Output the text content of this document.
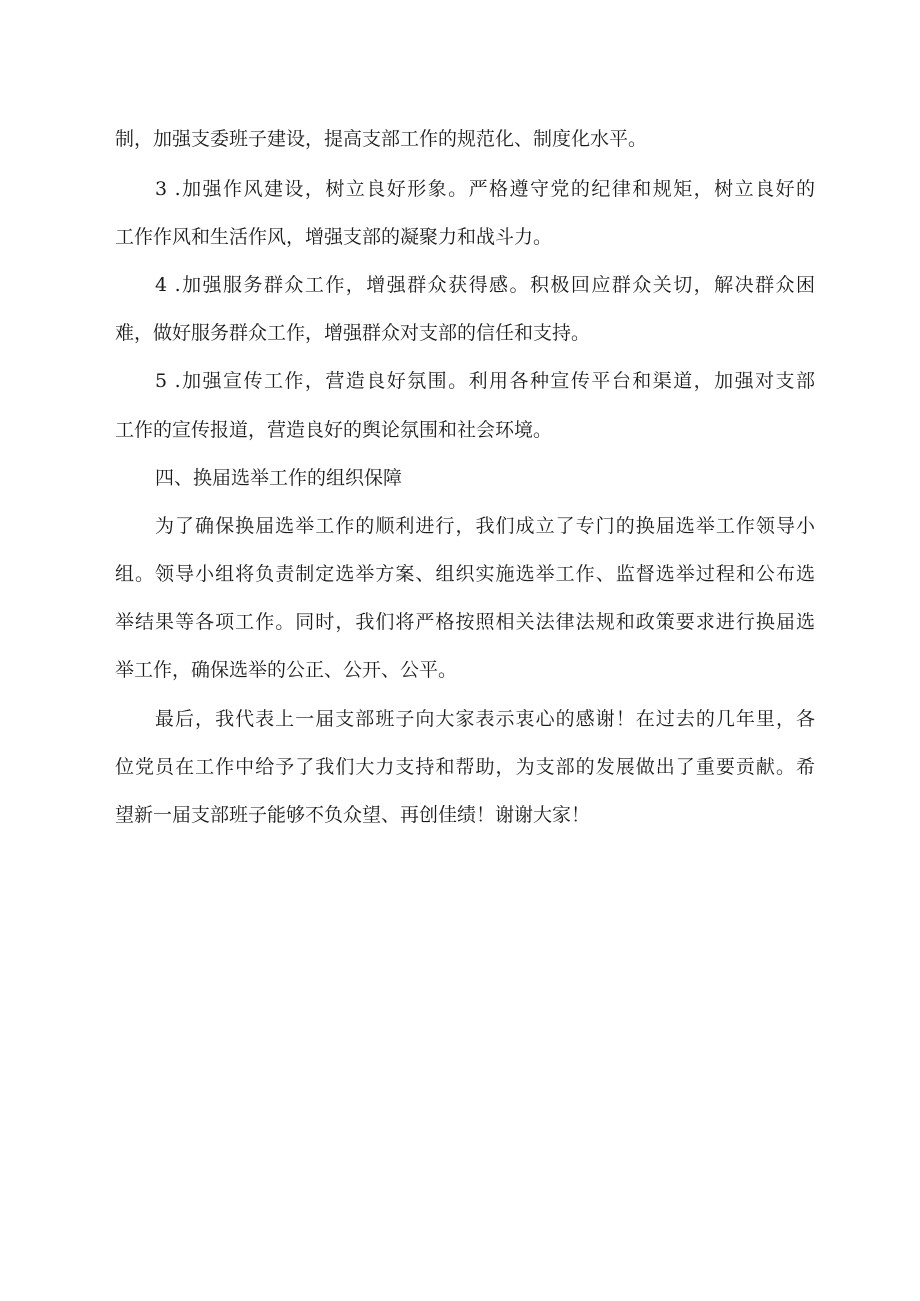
制，加强支委班子建设，提高支部工作的规范化、制度化水平。
3 .加强作风建设，树立良好形象。严格遵守党的纪律和规矩，树立良好的
工作作风和生活作风，增强支部的凝聚力和战斗力。
4 .加强服务群众工作，增强群众获得感。积极回应群众关切，解决群众困
难，做好服务群众工作，增强群众对支部的信任和支持。
5 .加强宣传工作，营造良好氛围。利用各种宣传平台和渠道，加强对支部
工作的宣传报道，营造良好的舆论氛围和社会环境。
四、换届选举工作的组织保障
为了确保换届选举工作的顺利进行，我们成立了专门的换届选举工作领导小
组。领导小组将负责制定选举方案、组织实施选举工作、监督选举过程和公布选
举结果等各项工作。同时，我们将严格按照相关法律法规和政策要求进行换届选
举工作，确保选举的公正、公开、公平。
最后，我代表上一届支部班子向大家表示衷心的感谢！在过去的几年里，各
位党员在工作中给予了我们大力支持和帮助，为支部的发展做出了重要贡献。希
望新一届支部班子能够不负众望、再创佳绩！谢谢大家！
